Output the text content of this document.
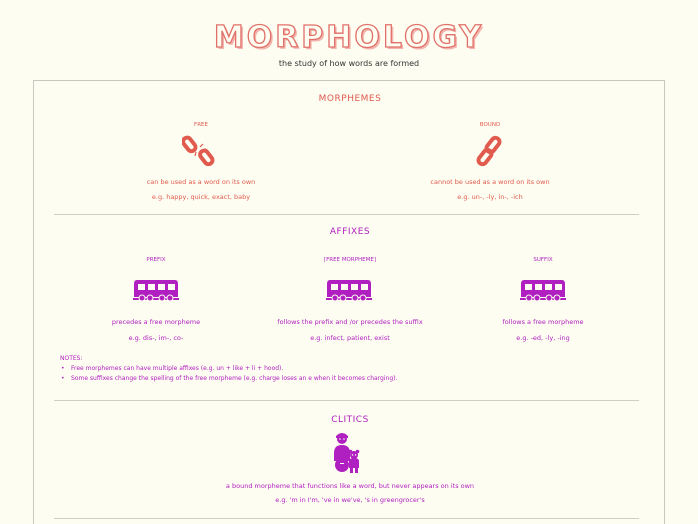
MORPHOLOGY
the study of how words are formed
MORPHEMES
FREE
can be used as a word on its own
e.g. happy, quick, exact, baby
BOUND
cannot be used as a word on its own
e.g. un-, -ly, in-, -ich
AFFIXES
PREFIX
precedes a free morpheme
e.g. dis-, im-, co-
[FREE MORPHEME]
follows the prefix and /or precedes the suffix
e.g. infect, patient, exist
SUFFIX
follows a free morpheme
e.g. -ed, -ly, -ing
NOTES:
• Free morphemes can have multiple affixes (e.g. un + like + li + hood).
• Some suffixes change the spelling of the free morpheme (e.g. charge loses an e when it becomes charging).
CLITICS
a bound morpheme that functions like a word, but never appears on its own
e.g. 'm in I'm, 've in we've, 's in greengrocer's
